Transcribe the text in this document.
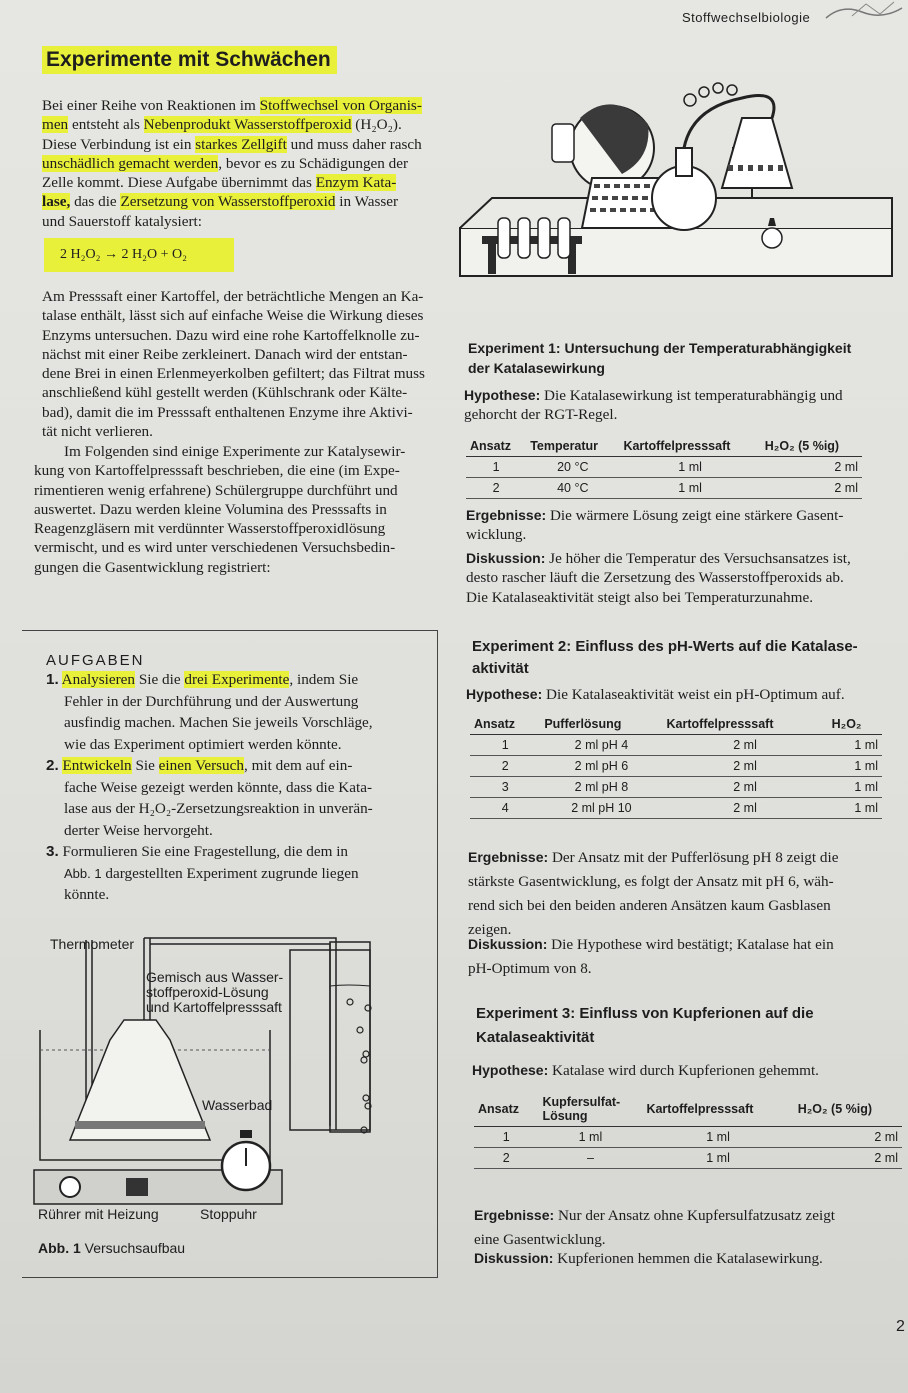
Stoffwechselbiologie
Experimente mit Schwächen
Bei einer Reihe von Reaktionen im Stoffwechsel von Organis-
men entsteht als Nebenprodukt Wasserstoffperoxid (H₂O₂).
Diese Verbindung ist ein starkes Zellgift und muss daher rasch
unschädlich gemacht werden, bevor es zu Schädigungen der
Zelle kommt. Diese Aufgabe übernimmt das Enzym Kata-
lase, das die Zersetzung von Wasserstoffperoxid in Wasser
und Sauerstoff katalysiert:
2 H₂O₂ → 2 H₂O + O₂
Am Presssaft einer Kartoffel, der beträchtliche Mengen an Ka-
talase enthält, lässt sich auf einfache Weise die Wirkung dieses
Enzyms untersuchen. Dazu wird eine rohe Kartoffelknolle zu-
nächst mit einer Reibe zerkleinert. Danach wird der entstan-
dene Brei in einen Erlenmeyerkolben gefiltert; das Filtrat muss
anschließend kühl gestellt werden (Kühlschrank oder Kälte-
bad), damit die im Presssaft enthaltenen Enzyme ihre Aktivi-
tät nicht verlieren.
Im Folgenden sind einige Experimente zur Katalysewir-
kung von Kartoffelpresssaft beschrieben, die eine (im Expe-
rimentieren wenig erfahrene) Schülergruppe durchführt und
auswertet. Dazu werden kleine Volumina des Presssafts in
Reagenzgläsern mit verdünnter Wasserstoffperoxidlösung
vermischt, und es wird unter verschiedenen Versuchsbedin-
gungen die Gasentwicklung registriert:
Experiment 1: Untersuchung der Temperaturabhängigkeit
der Katalasewirkung
Hypothese: Die Katalasewirkung ist temperaturabhängig und
gehorcht der RGT-Regel.
Ansatz	Temperatur	Kartoffelpresssaft	H₂O₂ (5 %ig)
1	20 °C	1 ml	2 ml
2	40 °C	1 ml	2 ml
Ergebnisse: Die wärmere Lösung zeigt eine stärkere Gasent-
wicklung.
Diskussion: Je höher die Temperatur des Versuchsansatzes ist,
desto rascher läuft die Zersetzung des Wasserstoffperoxids ab.
Die Katalaseaktivität steigt also bei Temperaturzunahme.
AUFGABEN
1. Analysieren Sie die drei Experimente, indem Sie
Fehler in der Durchführung und der Auswertung
ausfindig machen. Machen Sie jeweils Vorschläge,
wie das Experiment optimiert werden könnte.
2. Entwickeln Sie einen Versuch, mit dem auf ein-
fache Weise gezeigt werden könnte, dass die Kata-
lase aus der H₂O₂-Zersetzungsreaktion in unverän-
derter Weise hervorgeht.
3. Formulieren Sie eine Fragestellung, die dem in
Abb. 1 dargestellten Experiment zugrunde liegen
könnte.
Thermometer
Gemisch aus Wasser-
stoffperoxid-Lösung
und Kartoffelpresssaft
Wasserbad
Rührer mit Heizung	Stoppuhr
Abb. 1 Versuchsaufbau
Experiment 2: Einfluss des pH-Werts auf die Katalase-
aktivität
Hypothese: Die Katalaseaktivität weist ein pH-Optimum auf.
Ansatz	Pufferlösung	Kartoffelpresssaft	H₂O₂
1	2 ml pH 4	2 ml	1 ml
2	2 ml pH 6	2 ml	1 ml
3	2 ml pH 8	2 ml	1 ml
4	2 ml pH 10	2 ml	1 ml
Ergebnisse: Der Ansatz mit der Pufferlösung pH 8 zeigt die
stärkste Gasentwicklung, es folgt der Ansatz mit pH 6, wäh-
rend sich bei den beiden anderen Ansätzen kaum Gasblasen
zeigen.
Diskussion: Die Hypothese wird bestätigt; Katalase hat ein
pH-Optimum von 8.
Experiment 3: Einfluss von Kupferionen auf die
Katalaseaktivität
Hypothese: Katalase wird durch Kupferionen gehemmt.
Ansatz	Kupfersulfat-Lösung	Kartoffelpresssaft	H₂O₂ (5 %ig)
1	1 ml	1 ml	2 ml
2	–	1 ml	2 ml
Ergebnisse: Nur der Ansatz ohne Kupfersulfatzusatz zeigt
eine Gasentwicklung.
Diskussion: Kupferionen hemmen die Katalasewirkung.
2
